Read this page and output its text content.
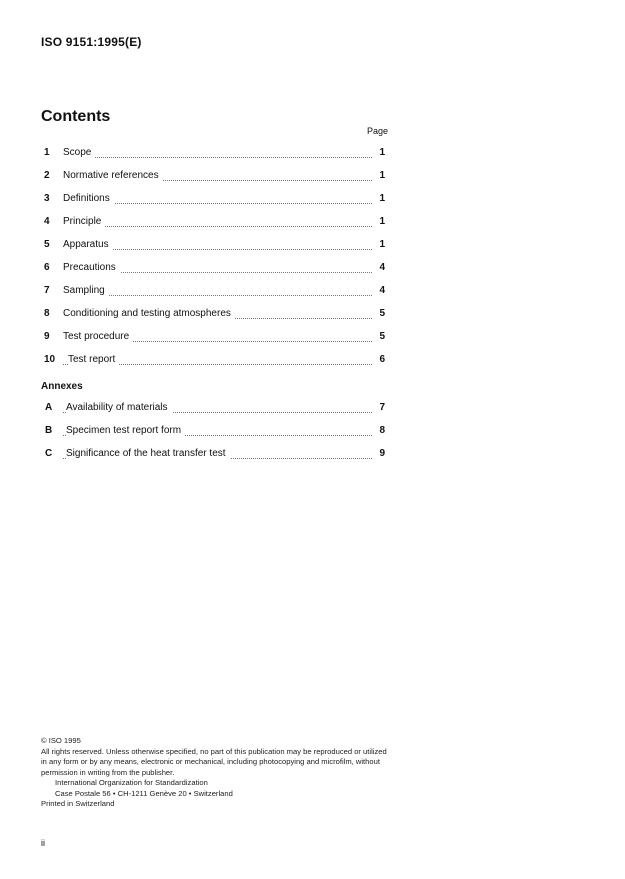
ISO 9151:1995(E)
Contents
Page
1 Scope	1
2 Normative references	1
3 Definitions	1
4 Principle	1
5 Apparatus	1
6 Precautions	4
7 Sampling	4
8 Conditioning and testing atmospheres	5
9 Test procedure	5
10 Test report	6
Annexes
A Availability of materials	7
B Specimen test report form	8
C Significance of the heat transfer test	9
© ISO 1995
All rights reserved. Unless otherwise specified, no part of this publication may be reproduced or utilized in any form or by any means, electronic or mechanical, including photocopying and microfilm, without permission in writing from the publisher.
International Organization for Standardization
Case Postale 56 • CH-1211 Genève 20 • Switzerland
Printed in Switzerland
ii
